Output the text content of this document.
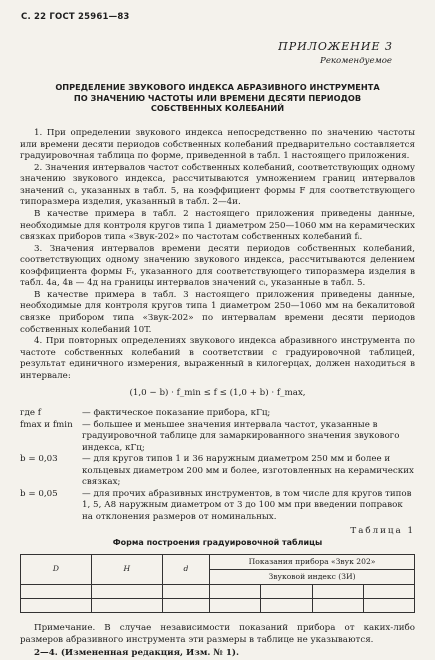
С. 22 ГОСТ 25961—83
ПРИЛОЖЕНИЕ 3
Рекомендуемое
ОПРЕДЕЛЕНИЕ ЗВУКОВОГО ИНДЕКСА АБРАЗИВНОГО ИНСТРУМЕНТА
ПО ЗНАЧЕНИЮ ЧАСТОТЫ ИЛИ ВРЕМЕНИ ДЕСЯТИ ПЕРИОДОВ
СОБСТВЕННЫХ КОЛЕБАНИЙ

1. При определении звукового индекса непосредственно по значению частоты или времени десяти периодов собственных колебаний предварительно составляется градуировочная таблица по форме, приведенной в табл. 1 настоящего приложения.

2. Значения интервалов частот собственных колебаний, соответствующих одному значению звукового индекса, рассчитываются умножением границ интервалов значений cᵢ, указанных в табл. 5, на коэффициент формы F для соответствующего типоразмера изделия, указанный в табл. 2—4и.

В качестве примера в табл. 2 настоящего приложения приведены данные, необходимые для контроля кругов типа 1 диаметром 250—1060 мм на керамических связках приборов типа «Звук-202» по частотам собственных колебаний fᵢ.

3. Значения интервалов времени десяти периодов собственных колебаний, соответствующих одному значению звукового индекса, рассчитываются делением коэффициента формы Fₜ, указанного для соответствующего типоразмера изделия в табл. 4а, 4в — 4д на границы интервалов значений cᵢ, указанные в табл. 5.

В качестве примера в табл. 3 настоящего приложения приведены данные, необходимые для контроля кругов типа 1 диаметром 250—1060 мм на бекалитовой связке прибором типа «Звук-202» по интервалам времени десяти периодов собственных колебаний 10T.

4. При повторных определениях звукового индекса абразивного инструмента по частоте собственных колебаний в соответствии с градуировочной таблицей, результат единичного измерения, выраженный в килогерцах, должен находиться в интервале:

(1,0 − b) · f_min ≤ f ≤ (1,0 + b) · f_max,
где f	— фактическое показание прибора, кГц;
fmax и fmin	— большее и меньшее значения интервала частот, указанные в градуировочной таблице для замаркированного значения звукового индекса, кГц;
b = 0,03	— для кругов типов 1 и 36 наружным диаметром 250 мм и более и кольцевых диаметром 200 мм и более, изготовленных на керамических связках;
b = 0,05	— для прочих абразивных инструментов, в том числе для кругов типов 1, 5, А8 наружным диаметром от 3 до 100 мм при введении поправок на отклонения размеров от номинальных.
Таблица 1
Форма построения градуировочной таблицы
D	H	d	Показания прибора «Звук 202»			
			Звуковой индекс (ЗИ)			

Примечание. В случае независимости показаний прибора от каких-либо размеров абразивного инструмента эти размеры в таблице не указываются.
2—4. (Измененная редакция, Изм. № 1).
